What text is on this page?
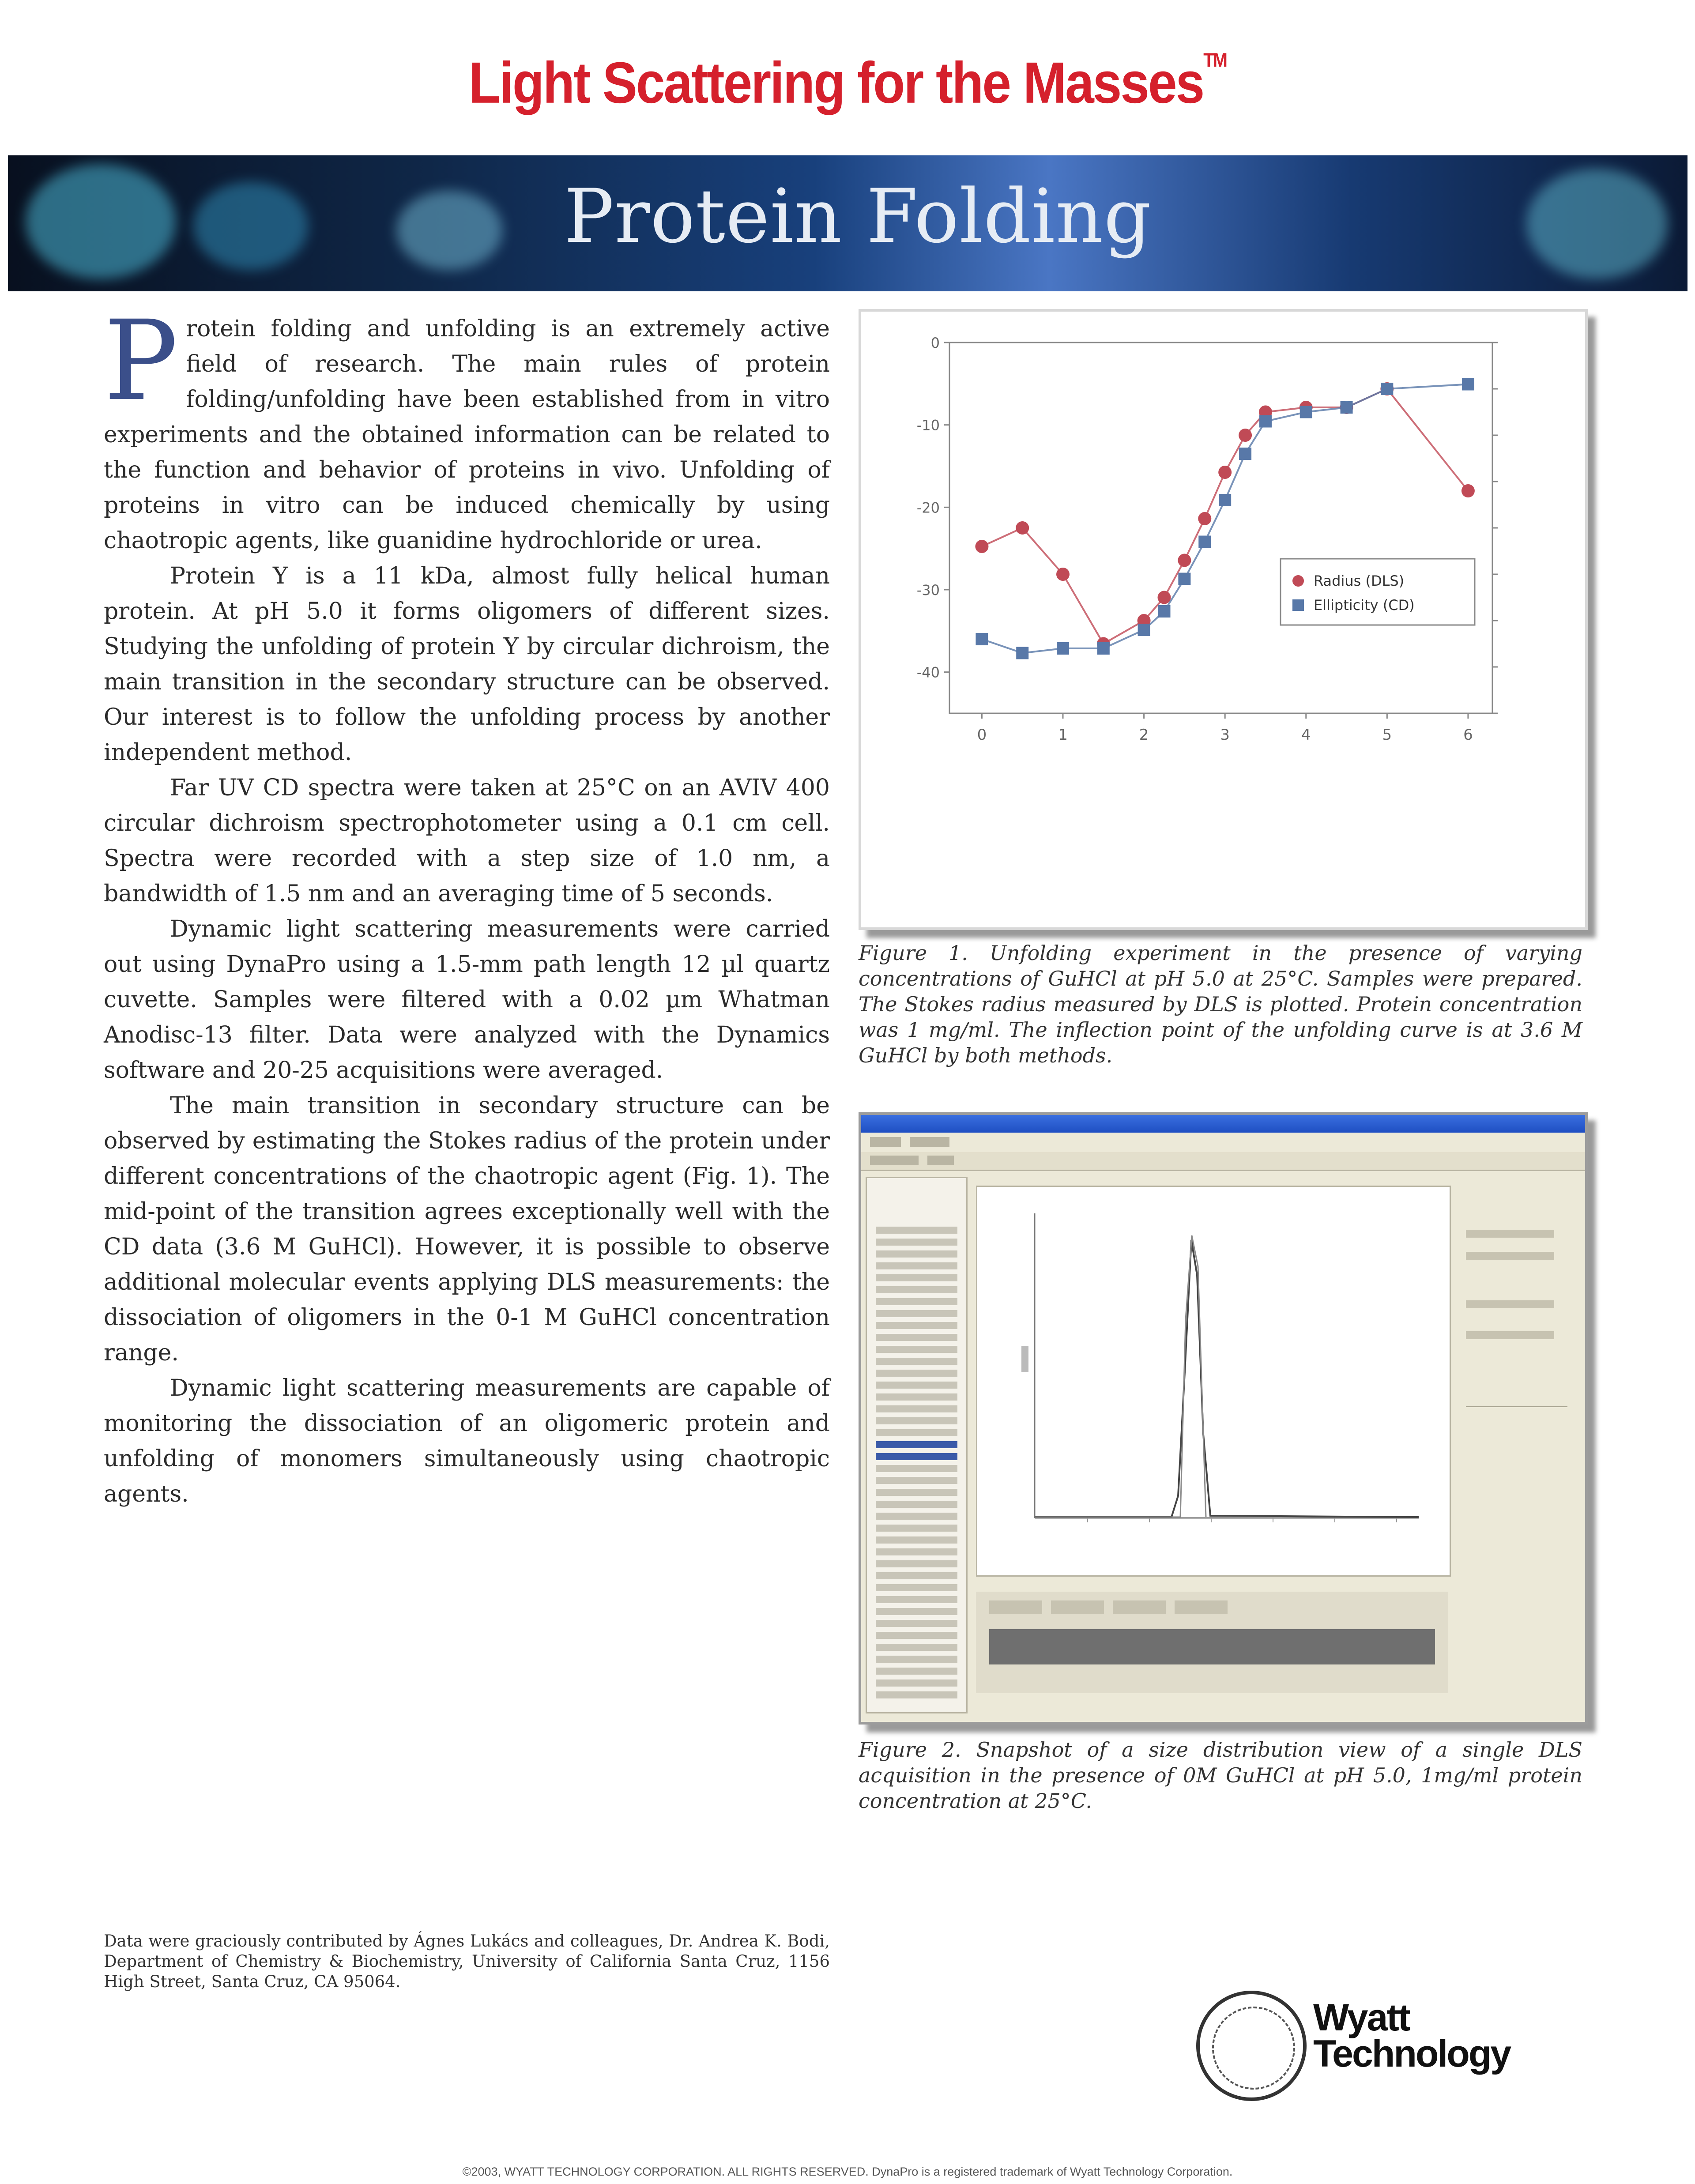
Light Scattering for the Masses™
Protein Folding
P rotein folding and unfolding is an extremely active field of research. The main rules of protein folding/unfolding have been established from in vitro experiments and the obtained information can be related to the function and behavior of proteins in vivo. Unfolding of proteins in vitro can be induced chemically by using chaotropic agents, like guanidine hydrochloride or urea.

Protein Y is a 11 kDa, almost fully helical human protein. At pH 5.0 it forms oligomers of different sizes. Studying the unfolding of protein Y by circular dichroism, the main transition in the secondary structure can be observed. Our interest is to follow the unfolding process by another independent method.

Far UV CD spectra were taken at 25°C on an AVIV 400 circular dichroism spectrophotometer using a 0.1 cm cell. Spectra were recorded with a step size of 1.0 nm, a bandwidth of 1.5 nm and an averaging time of 5 seconds.

Dynamic light scattering measurements were carried out using DynaPro using a 1.5-mm path length 12 µl quartz cuvette. Samples were filtered with a 0.02 µm Whatman Anodisc-13 filter. Data were analyzed with the Dynamics software and 20-25 acquisitions were averaged.

The main transition in secondary structure can be observed by estimating the Stokes radius of the protein under different concentrations of the chaotropic agent (Fig. 1). The mid-point of the transition agrees exceptionally well with the CD data (3.6 M GuHCl). However, it is possible to observe additional molecular events applying DLS measurements: the dissociation of oligomers in the 0-1 M GuHCl concentration range.

Dynamic light scattering measurements are capable of monitoring the dissociation of an oligomeric protein and unfolding of monomers simultaneously using chaotropic agents.

Data were graciously contributed by Ágnes Lukács and colleagues, Dr. Andrea K. Bodi, Department of Chemistry & Biochemistry, University of California Santa Cruz, 1156 High Street, Santa Cruz, CA 95064.
0	1	2	3	4	5	6
0
-10
-20
-30
-40
Radius (DLS)
Ellipticity (CD)
Figure 1. Unfolding experiment in the presence of varying concentrations of GuHCl at pH 5.0 at 25°C. Samples were prepared. The Stokes radius measured by DLS is plotted. Protein concentration was 1 mg/ml. The inflection point of the unfolding curve is at 3.6 M GuHCl by both methods.
Figure 2. Snapshot of a size distribution view of a single DLS acquisition in the presence of 0M GuHCl at pH 5.0, 1mg/ml protein concentration at 25°C.
Wyatt
Technology
©2003, WYATT TECHNOLOGY CORPORATION. ALL RIGHTS RESERVED. DynaPro is a registered trademark of Wyatt Technology Corporation.
